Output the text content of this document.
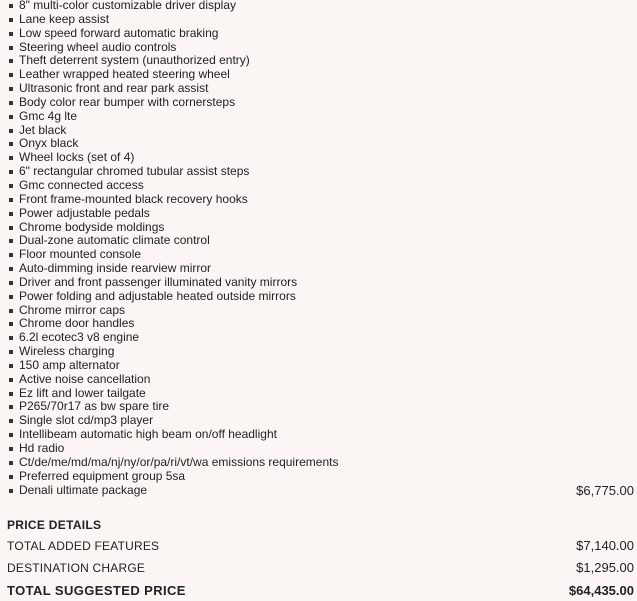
8" multi-color customizable driver display
Lane keep assist
Low speed forward automatic braking
Steering wheel audio controls
Theft deterrent system (unauthorized entry)
Leather wrapped heated steering wheel
Ultrasonic front and rear park assist
Body color rear bumper with cornersteps
Gmc 4g lte
Jet black
Onyx black
Wheel locks (set of 4)
6" rectangular chromed tubular assist steps
Gmc connected access
Front frame-mounted black recovery hooks
Power adjustable pedals
Chrome bodyside moldings
Dual-zone automatic climate control
Floor mounted console
Auto-dimming inside rearview mirror
Driver and front passenger illuminated vanity mirrors
Power folding and adjustable heated outside mirrors
Chrome mirror caps
Chrome door handles
6.2l ecotec3 v8 engine
Wireless charging
150 amp alternator
Active noise cancellation
Ez lift and lower tailgate
P265/70r17 as bw spare tire
Single slot cd/mp3 player
Intellibeam automatic high beam on/off headlight
Hd radio
Ct/de/me/md/ma/nj/ny/or/pa/ri/vt/wa emissions requirements
Preferred equipment group 5sa
Denali ultimate package	$6,775.00
PRICE DETAILS
TOTAL ADDED FEATURES	$7,140.00
DESTINATION CHARGE	$1,295.00
TOTAL SUGGESTED PRICE	$64,435.00
